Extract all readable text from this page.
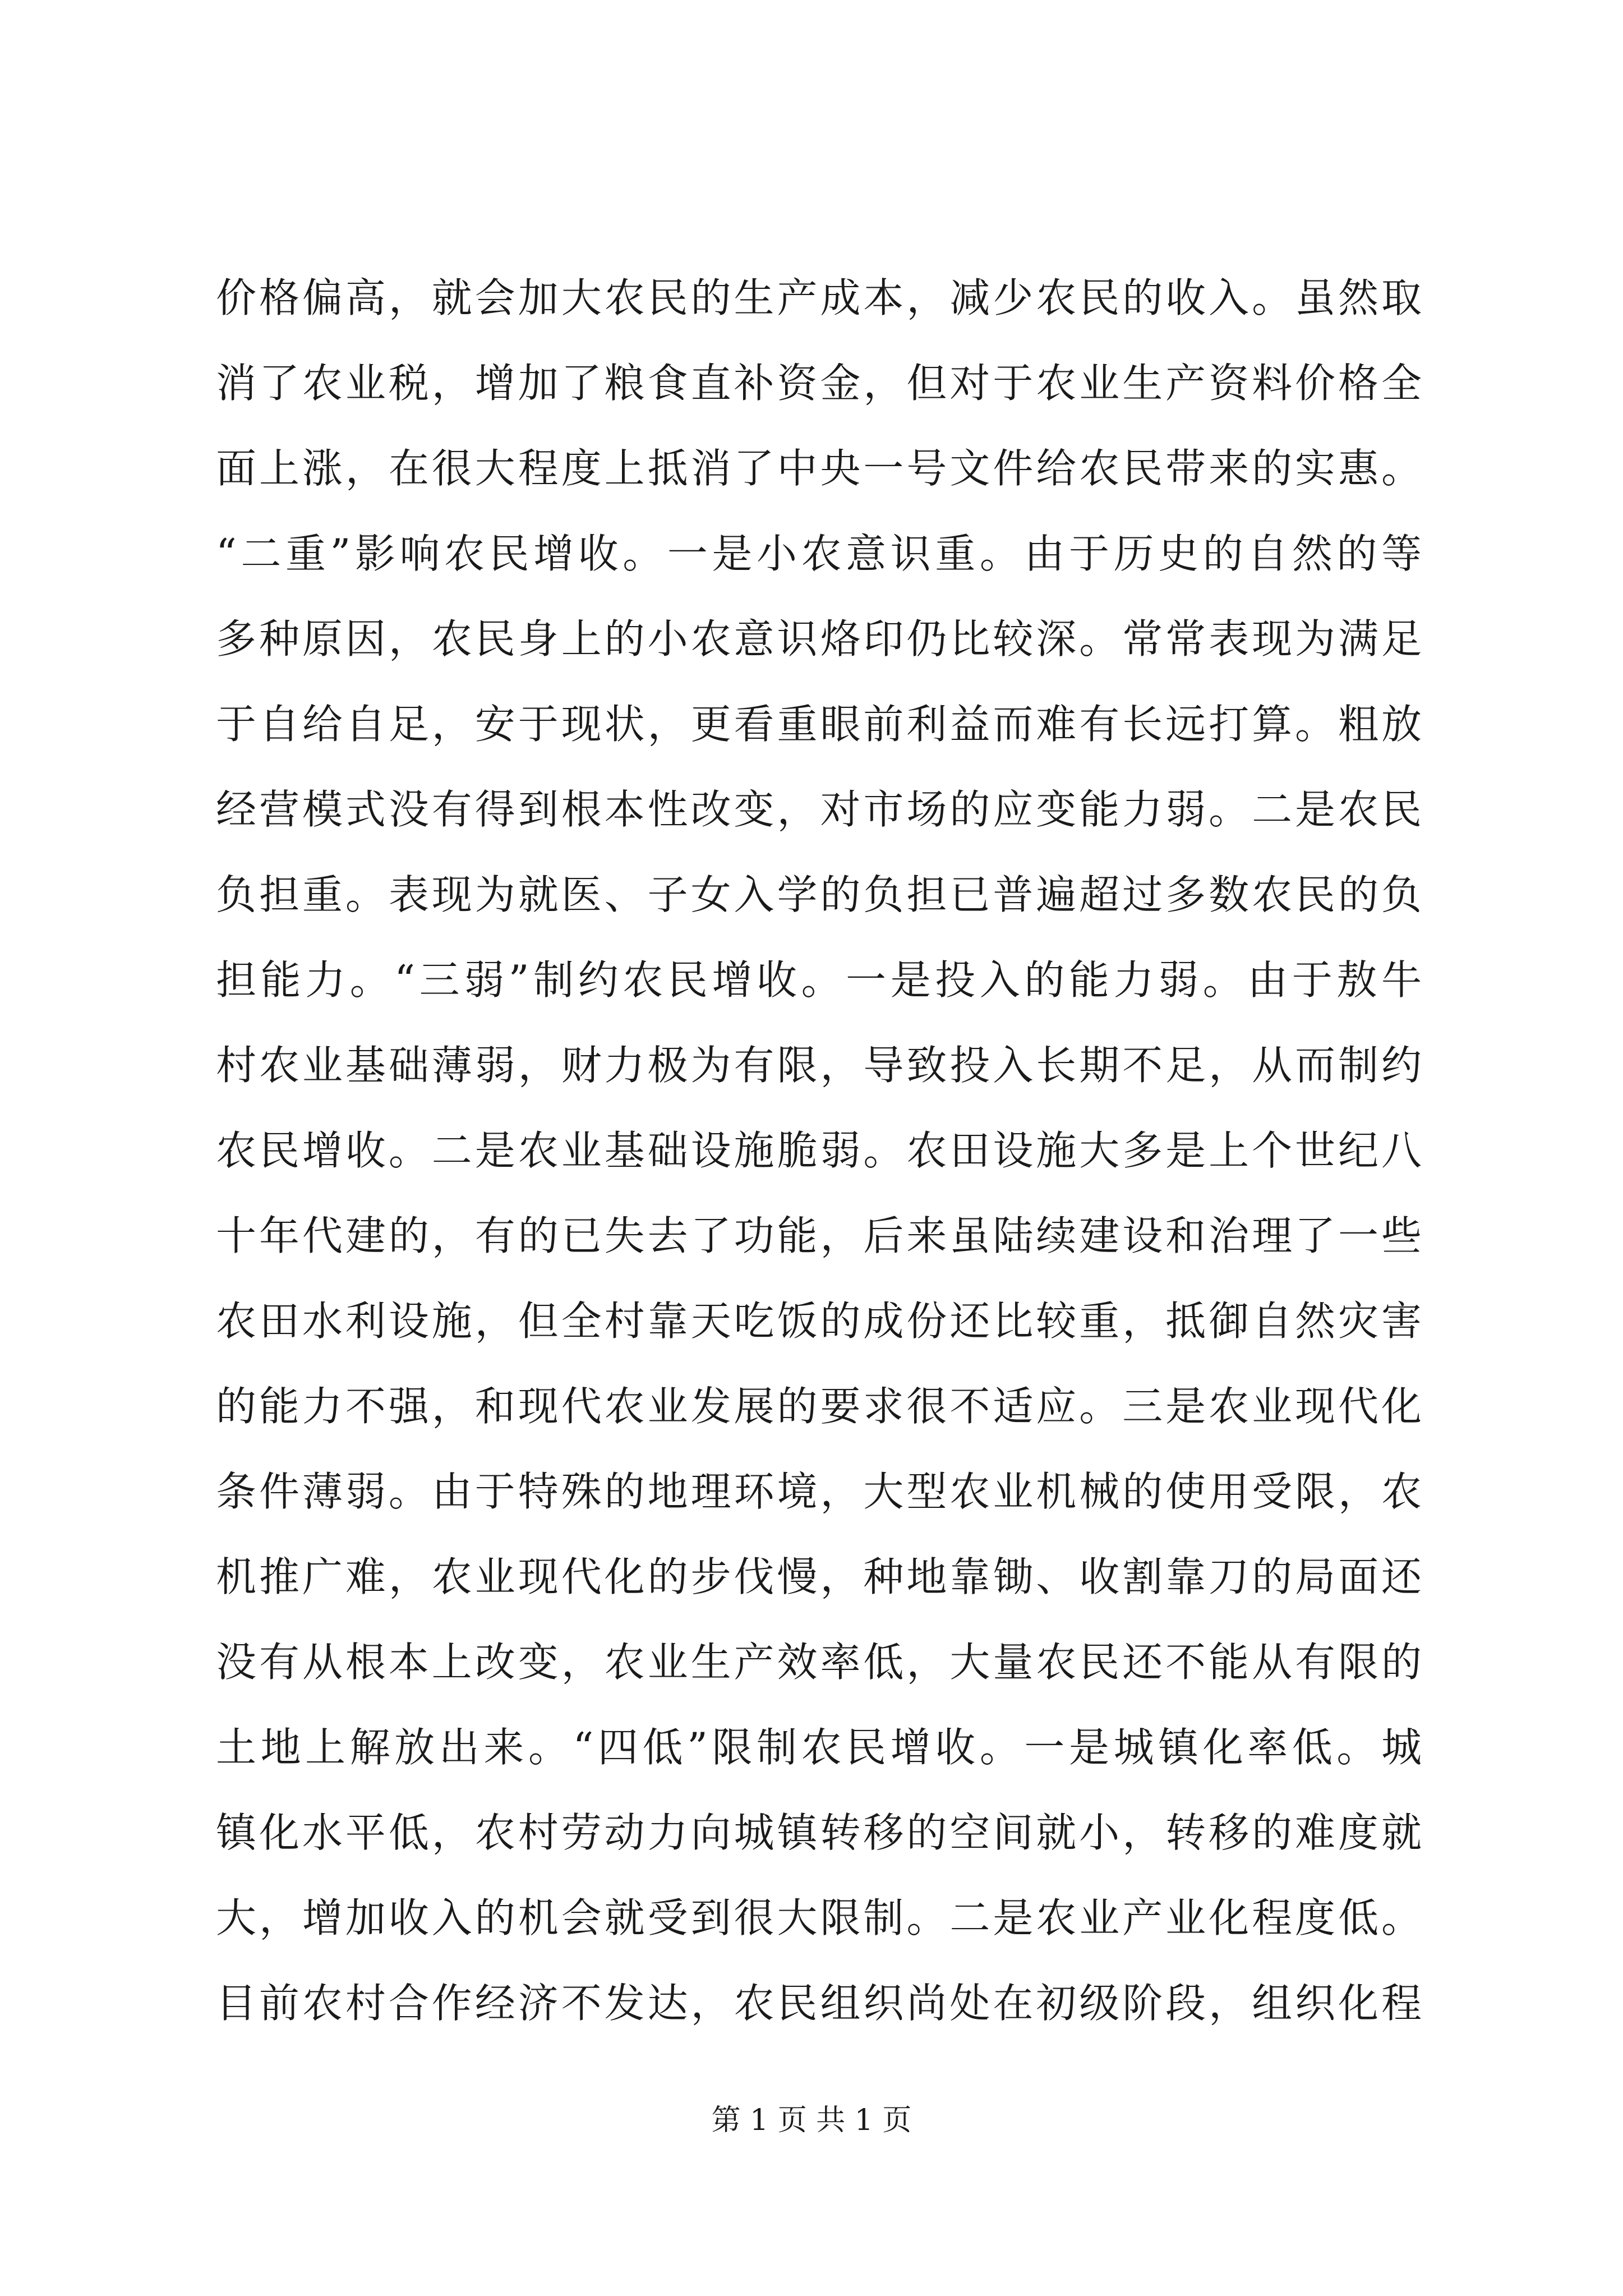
价格偏高，就会加大农民的生产成本，减少农民的收入。虽然取
消了农业税，增加了粮食直补资金，但对于农业生产资料价格全
面上涨，在很大程度上抵消了中央一号文件给农民带来的实惠。
“二重”影响农民增收。一是小农意识重。由于历史的自然的等
多种原因，农民身上的小农意识烙印仍比较深。常常表现为满足
于自给自足，安于现状，更看重眼前利益而难有长远打算。粗放
经营模式没有得到根本性改变，对市场的应变能力弱。二是农民
负担重。表现为就医、子女入学的负担已普遍超过多数农民的负
担能力。“三弱”制约农民增收。一是投入的能力弱。由于敖牛
村农业基础薄弱，财力极为有限，导致投入长期不足，从而制约
农民增收。二是农业基础设施脆弱。农田设施大多是上个世纪八
十年代建的，有的已失去了功能，后来虽陆续建设和治理了一些
农田水利设施，但全村靠天吃饭的成份还比较重，抵御自然灾害
的能力不强，和现代农业发展的要求很不适应。三是农业现代化
条件薄弱。由于特殊的地理环境，大型农业机械的使用受限，农
机推广难，农业现代化的步伐慢，种地靠锄、收割靠刀的局面还
没有从根本上改变，农业生产效率低，大量农民还不能从有限的
土地上解放出来。“四低”限制农民增收。一是城镇化率低。城
镇化水平低，农村劳动力向城镇转移的空间就小，转移的难度就
大，增加收入的机会就受到很大限制。二是农业产业化程度低。
目前农村合作经济不发达，农民组织尚处在初级阶段，组织化程
第 1 页 共 1 页
